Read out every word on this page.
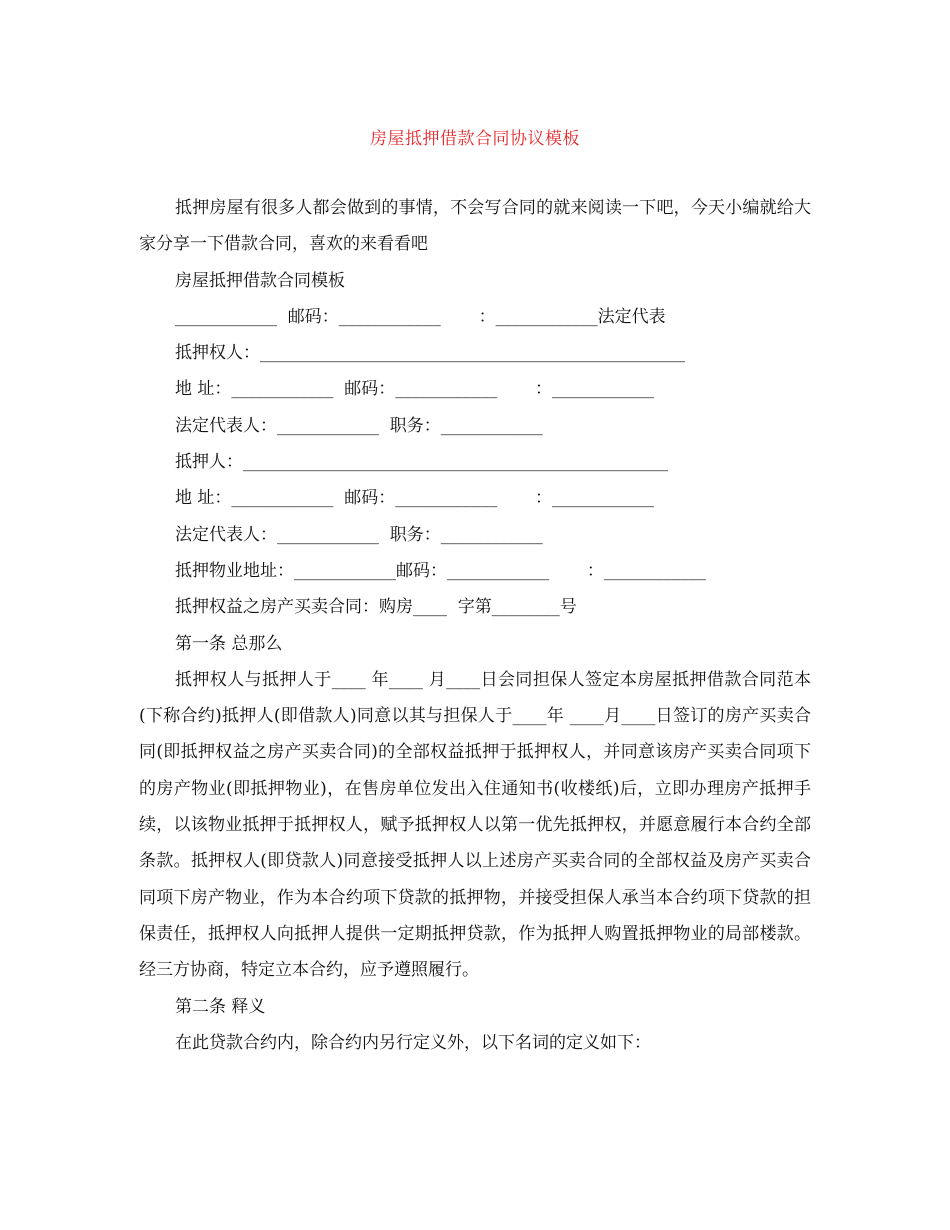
房屋抵押借款合同协议模板

抵押房屋有很多人都会做到的事情，不会写合同的就来阅读一下吧，今天小编就给大家分享一下借款合同，喜欢的来看看吧

房屋抵押借款合同模板

____________  邮码：____________       ：____________法定代表

抵押权人：__________________________________________________

地 址：____________  邮码：____________       ：____________

法定代表人：____________  职务：____________

抵押人：__________________________________________________

地 址：____________  邮码：____________       ：____________

法定代表人：____________  职务：____________

抵押物业地址：____________邮码：____________       ：____________

抵押权益之房产买卖合同：购房____  字第________号

第一条 总那么

抵押权人与抵押人于____ 年____ 月____日会同担保人签定本房屋抵押借款合同范本(下称合约)抵押人(即借款人)同意以其与担保人于____年 ____月____日签订的房产买卖合同(即抵押权益之房产买卖合同)的全部权益抵押于抵押权人，并同意该房产买卖合同项下的房产物业(即抵押物业)，在售房单位发出入住通知书(收楼纸)后，立即办理房产抵押手续，以该物业抵押于抵押权人，赋予抵押权人以第一优先抵押权，并愿意履行本合约全部条款。抵押权人(即贷款人)同意接受抵押人以上述房产买卖合同的全部权益及房产买卖合同项下房产物业，作为本合约项下贷款的抵押物，并接受担保人承当本合约项下贷款的担保责任，抵押权人向抵押人提供一定期抵押贷款，作为抵押人购置抵押物业的局部楼款。经三方协商，特定立本合约，应予遵照履行。

第二条 释义

在此贷款合约内，除合约内另行定义外，以下名词的定义如下：
